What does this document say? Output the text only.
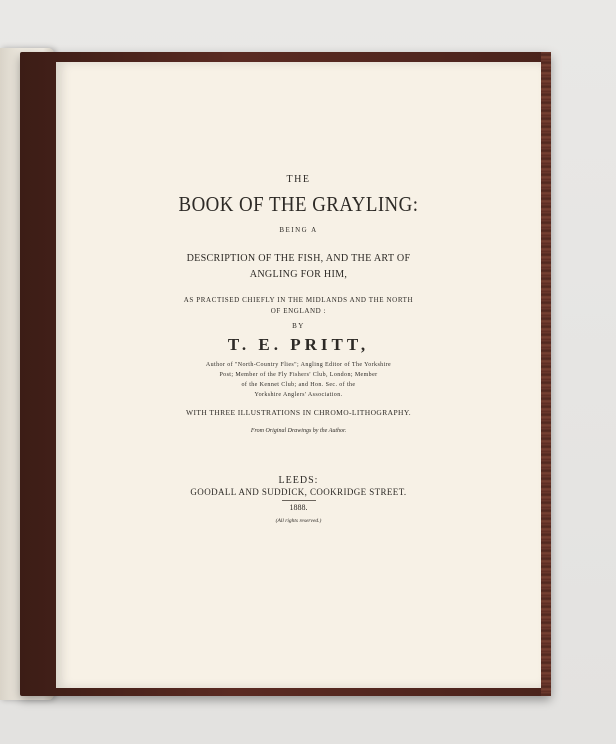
THE
BOOK OF THE GRAYLING:
BEING A
DESCRIPTION OF THE FISH, AND THE ART OF
ANGLING FOR HIM,
AS PRACTISED CHIEFLY IN THE MIDLANDS AND THE NORTH
OF ENGLAND :
BY
T. E. PRITT,
Author of "North-Country Flies"; Angling Editor of The Yorkshire
Post; Member of the Fly Fishers' Club, London; Member
of the Kennet Club; and Hon. Sec. of the
Yorkshire Anglers' Association.
WITH THREE ILLUSTRATIONS IN CHROMO-LITHOGRAPHY.
From Original Drawings by the Author.
LEEDS:
GOODALL AND SUDDICK, COOKRIDGE STREET.
1888.
(All rights reserved.)
